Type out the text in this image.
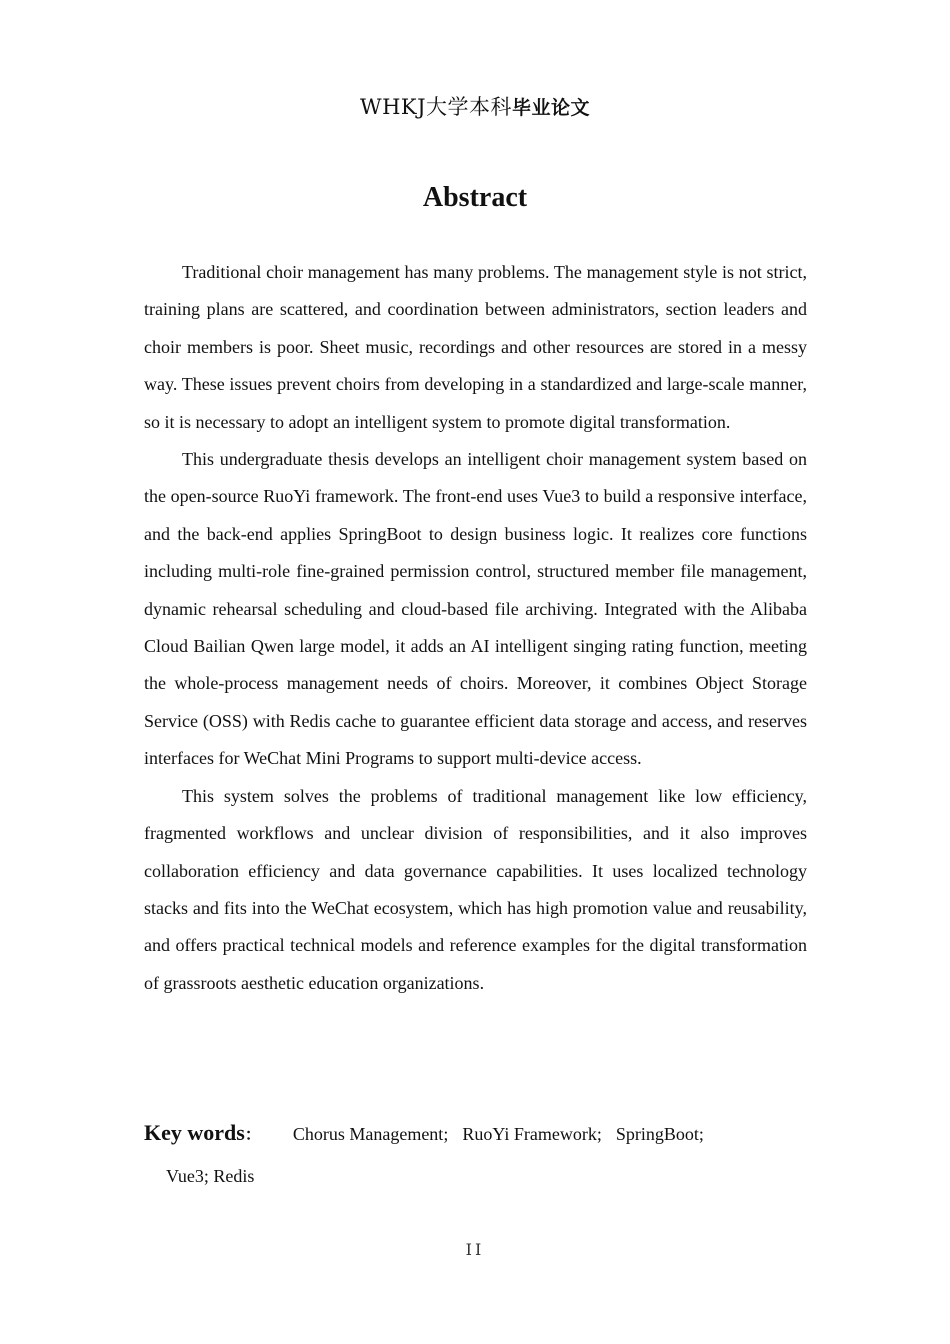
WHKJ大学本科毕业论文
Abstract

Traditional choir management has many problems. The management style is not strict, training plans are scattered, and coordination between administrators, section leaders and choir members is poor. Sheet music, recordings and other resources are stored in a messy way. These issues prevent choirs from developing in a standardized and large-scale manner, so it is necessary to adopt an intelligent system to promote digital transformation.

This undergraduate thesis develops an intelligent choir management system based on the open-source RuoYi framework. The front-end uses Vue3 to build a responsive interface, and the back-end applies SpringBoot to design business logic. It realizes core functions including multi-role fine-grained permission control, structured member file management, dynamic rehearsal scheduling and cloud-based file archiving. Integrated with the Alibaba Cloud Bailian Qwen large model, it adds an AI intelligent singing rating function, meeting the whole-process management needs of choirs. Moreover, it combines Object Storage Service (OSS) with Redis cache to guarantee efficient data storage and access, and reserves interfaces for WeChat Mini Programs to support multi-device access.

This system solves the problems of traditional management like low efficiency, fragmented workflows and unclear division of responsibilities, and it also improves collaboration efficiency and data governance capabilities. It uses localized technology stacks and fits into the WeChat ecosystem, which has high promotion value and reusability, and offers practical technical models and reference examples for the digital transformation of grassroots aesthetic education organizations.

Key words： Chorus Management; RuoYi Framework; SpringBoot;
Vue3; Redis
II
